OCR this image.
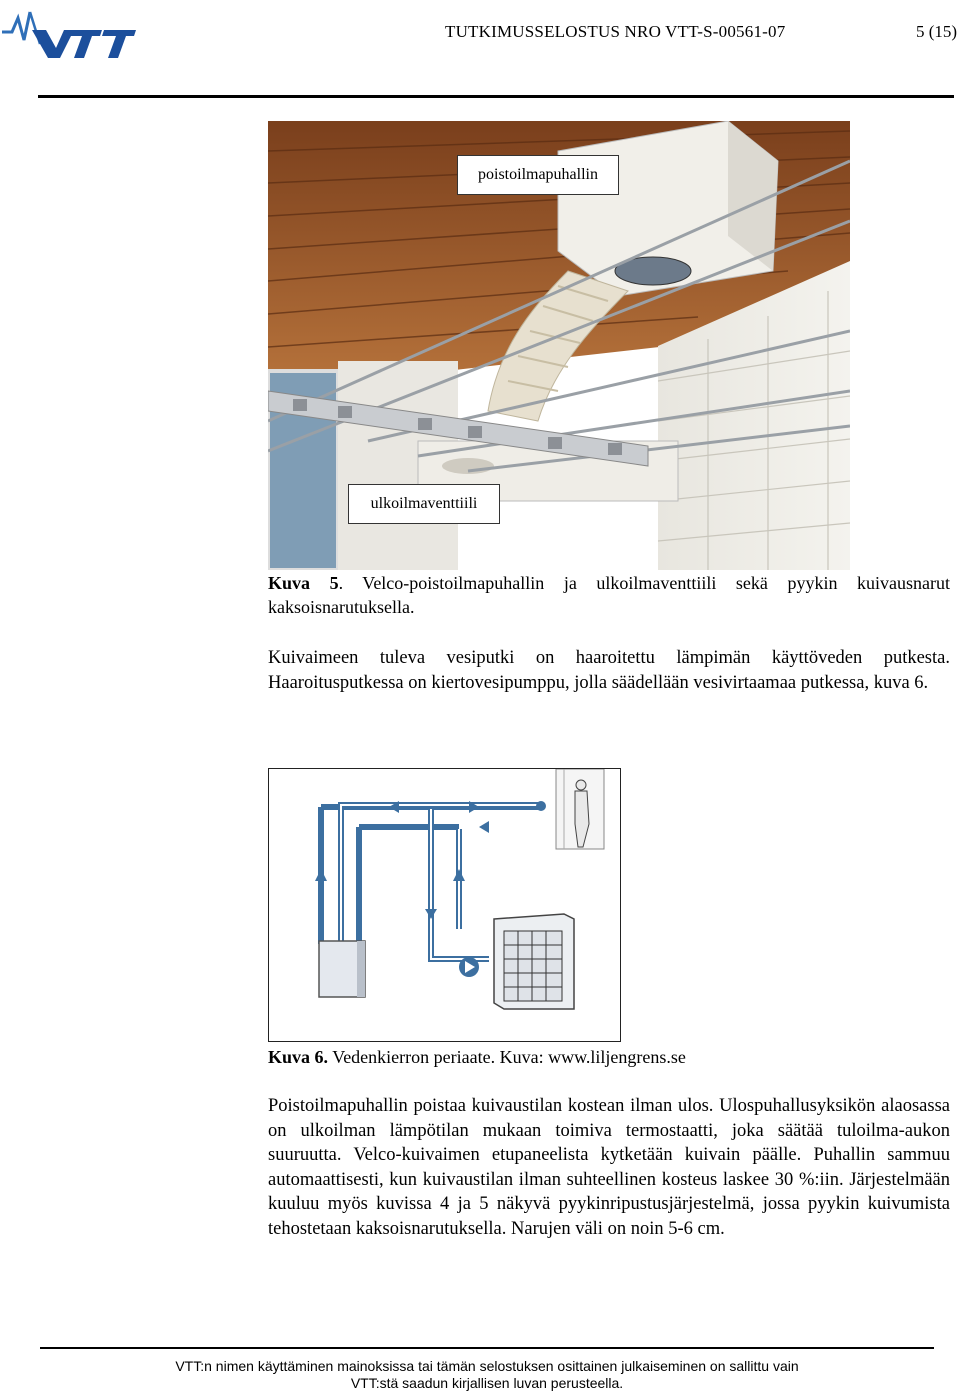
TUTKIMUSSELOSTUS NRO VTT-S-00561-07	5 (15)
poistoilmapuhallin
ulkoilmaventtiili
Kuva 5. Velco-poistoilmapuhallin ja ulkoilmaventtiili sekä pyykin kuivausnarut kaksoisnarutuksella.
Kuivaimeen tuleva vesiputki on haaroitettu lämpimän käyttöveden putkesta. Haaroitusputkessa on kiertovesipumppu, jolla säädellään vesivirtaamaa putkessa, kuva 6.
Kuva 6. Vedenkierron periaate. Kuva: www.liljengrens.se
Poistoilmapuhallin poistaa kuivaustilan kostean ilman ulos. Ulospuhallusyksikön alaosassa on ulkoilman lämpötilan mukaan toimiva termostaatti, joka säätää tuloilma-aukon suuruutta. Velco-kuivaimen etupaneelista kytketään kuivain päälle. Puhallin sammuu automaattisesti, kun kuivaustilan ilman suhteellinen kosteus laskee 30 %:iin. Järjestelmään kuuluu myös kuvissa 4 ja 5 näkyvä pyykinripustusjärjestelmä, jossa pyykin kuivumista tehostetaan kaksoisnarutuksella. Narujen väli on noin 5-6 cm.
VTT:n nimen käyttäminen mainoksissa tai tämän selostuksen osittainen julkaiseminen on sallittu vain
VTT:stä saadun kirjallisen luvan perusteella.
